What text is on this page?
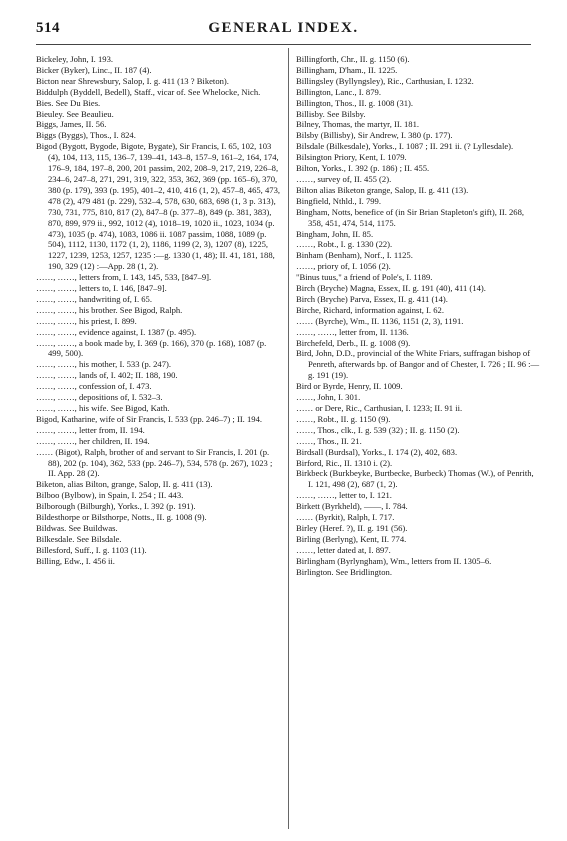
514	GENERAL INDEX.

Bickeley, John, I. 193.

Bicker (Byker), Linc., II. 187 (4).

Bicton near Shrewsbury, Salop, I. g. 411 (13 ? Biketon).

Biddulph (Byddell, Bedell), Staff., vicar of. See Whelocke, Nich.

Bies. See Du Bies.

Bieuley. See Beaulieu.

Biggs, James, II. 56.

Biggs (Byggs), Thos., I. 824.

Bigod (Bygott, Bygode, Bigote, Bygate), Sir Francis, I. 65, 102, 103 (4), 104, 113, 115, 136–7, 139–41, 143–8, 157–9, 161–2, 164, 174, 176–9, 184, 197–8, 200, 201 passim, 202, 208–9, 217, 219, 226–8, 234–6, 247–8, 271, 291, 319, 322, 353, 362, 369 (pp. 165–6), 370, 380 (p. 179), 393 (p. 195), 401–2, 410, 416 (1, 2), 457–8, 465, 473, 478 (2), 479 481 (p. 229), 532–4, 578, 630, 683, 698 (1, 3 p. 313), 730, 731, 775, 810, 817 (2), 847–8 (p. 377–8), 849 (p. 381, 383), 870, 899, 979 ii., 992, 1012 (4), 1018–19, 1020 ii., 1023, 1034 (p. 473), 1035 (p. 474), 1083, 1086 ii. 1087 passim, 1088, 1089 (p. 504), 1112, 1130, 1172 (1, 2), 1186, 1199 (2, 3), 1207 (8), 1225, 1227, 1239, 1253, 1257, 1235 :—g. 1330 (1, 48); II. 41, 181, 188, 190, 329 (12) :—App. 28 (1, 2).

……, ……, letters from, I. 143, 145, 533, [847–9].

……, ……, letters to, I. 146, [847–9].

……, ……, handwriting of, I. 65.

……, ……, his brother. See Bigod, Ralph.

……, ……, his priest, I. 899.

……, ……, evidence against, I. 1387 (p. 495).

……, ……, a book made by, I. 369 (p. 166), 370 (p. 168), 1087 (p. 499, 500).

……, ……, his mother, I. 533 (p. 247).

……, ……, lands of, I. 402; II. 188, 190.

……, ……, confession of, I. 473.

……, ……, depositions of, I. 532–3.

……, ……, his wife. See Bigod, Kath.

Bigod, Katharine, wife of Sir Francis, I. 533 (pp. 246–7) ; II. 194.

……, ……, letter from, II. 194.

……, ……, her children, II. 194.

…… (Bigot), Ralph, brother of and servant to Sir Francis, I. 201 (p. 88), 202 (p. 104), 362, 533 (pp. 246–7), 534, 578 (p. 267), 1023 ; II. App. 28 (2).

Biketon, alias Bilton, grange, Salop, II. g. 411 (13).

Bilboo (Bylbow), in Spain, I. 254 ; II. 443.

Bilborough (Bilburgh), Yorks., I. 392 (p. 191).

Bildesthorpe or Bilsthorpe, Notts., II. g. 1008 (9).

Bildwas. See Buildwas.

Bilkesdale. See Bilsdale.

Billesford, Suff., I. g. 1103 (11).

Billing, Edw., I. 456 ii.

Billingforth, Chr., II. g. 1150 (6).

Billingham, D'ham., II. 1225.

Billingsley (Byllyngsley), Ric., Carthusian, I. 1232.

Billington, Lanc., I. 879.

Billington, Thos., II. g. 1008 (31).

Billisby. See Bilsby.

Bilney, Thomas, the martyr, II. 181.

Bilsby (Billisby), Sir Andrew, I. 380 (p. 177).

Bilsdale (Bilkesdale), Yorks., I. 1087 ; II. 291 ii. (? Lyllesdale).

Bilsington Priory, Kent, I. 1079.

Bilton, Yorks., I. 392 (p. 186) ; II. 455.

……, survey of, II. 455 (2).

Bilton alias Biketon grange, Salop, II. g. 411 (13).

Bingfield, Nthld., I. 799.

Bingham, Notts, benefice of (in Sir Brian Stapleton's gift), II. 268, 358, 451, 474, 514, 1175.

Bingham, John, II. 85.

……, Robt., I. g. 1330 (22).

Binham (Benham), Norf., I. 1125.

……, priory of, I. 1056 (2).

"Binus tuus," a friend of Pole's, I. 1189.

Birch (Bryche) Magna, Essex, II. g. 191 (40), 411 (14).

Birch (Bryche) Parva, Essex, II. g. 411 (14).

Birche, Richard, information against, I. 62.

…… (Byrche), Wm., II. 1136, 1151 (2, 3), 1191.

……, ……, letter from, II. 1136.

Birchefeld, Derb., II. g. 1008 (9).

Bird, John, D.D., provincial of the White Friars, suffragan bishop of Penreth, afterwards bp. of Bangor and of Chester, I. 726 ; II. 96 :—g. 191 (19).

Bird or Byrde, Henry, II. 1009.

……, John, I. 301.

…… or Dere, Ric., Carthusian, I. 1233; II. 91 ii.

……, Robt., II. g. 1150 (9).

……, Thos., clk., I. g. 539 (32) ; II. g. 1150 (2).

……, Thos., II. 21.

Birdsall (Burdsal), Yorks., I. 174 (2), 402, 683.

Birford, Ric., II. 1310 i. (2).

Birkbeck (Burkbeyke, Burtbecke, Burbeck) Thomas (W.), of Penrith, I. 121, 498 (2), 687 (1, 2).

……, ……, letter to, I. 121.

Birkett (Byrkheld), ——, I. 784.

…… (Byrkit), Ralph, I. 717.

Birley (Heref. ?), II. g. 191 (56).

Birling (Berlyng), Kent, II. 774.

……, letter dated at, I. 897.

Birlingham (Byrlyngham), Wm., letters from II. 1305–6.

Birlington. See Bridlington.
